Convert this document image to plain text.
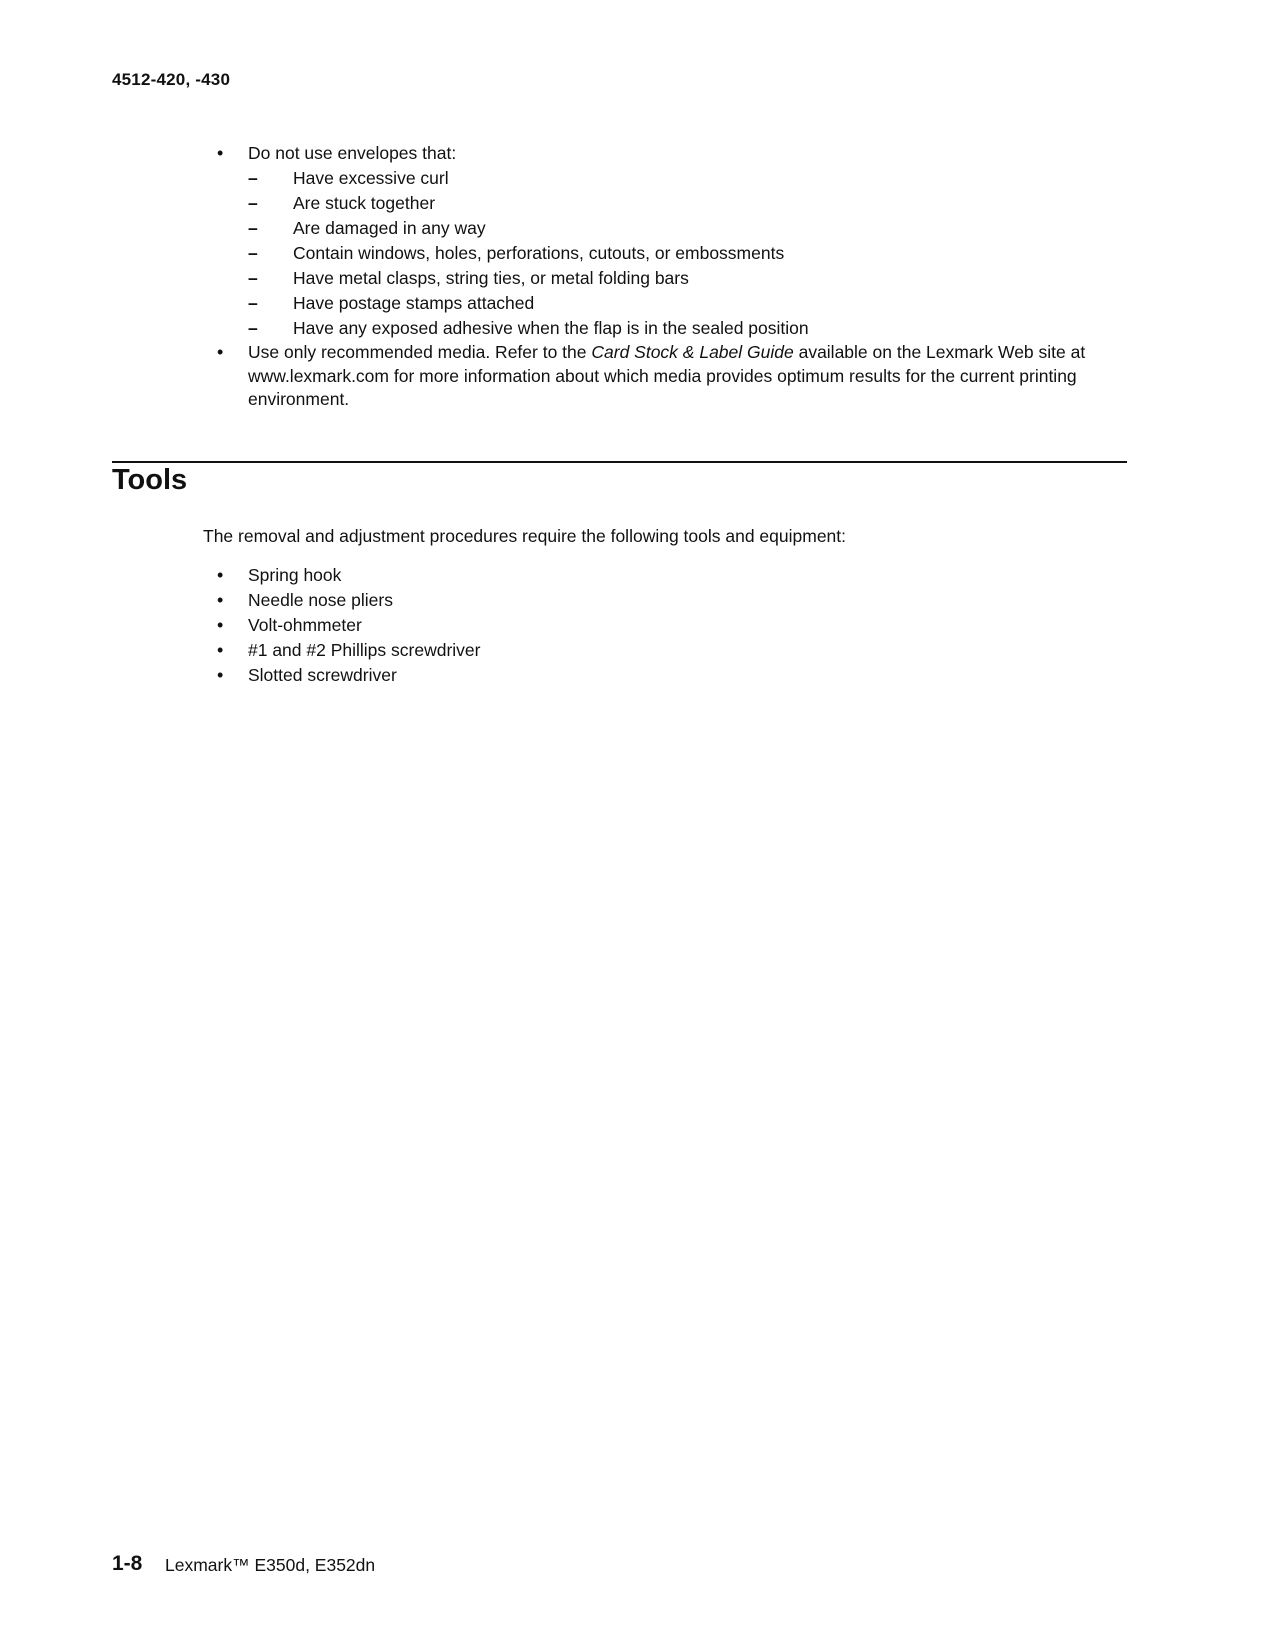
4512-420, -430
•	Do not use envelopes that:
– Have excessive curl
– Are stuck together
– Are damaged in any way
– Contain windows, holes, perforations, cutouts, or embossments
– Have metal clasps, string ties, or metal folding bars
– Have postage stamps attached
– Have any exposed adhesive when the flap is in the sealed position
•	Use only recommended media. Refer to the Card Stock & Label Guide available on the Lexmark Web site at www.lexmark.com for more information about which media provides optimum results for the current printing environment.
Tools
The removal and adjustment procedures require the following tools and equipment:
•	Spring hook
•	Needle nose pliers
•	Volt-ohmmeter
•	#1 and #2 Phillips screwdriver
•	Slotted screwdriver
1-8 Lexmark™ E350d, E352dn
